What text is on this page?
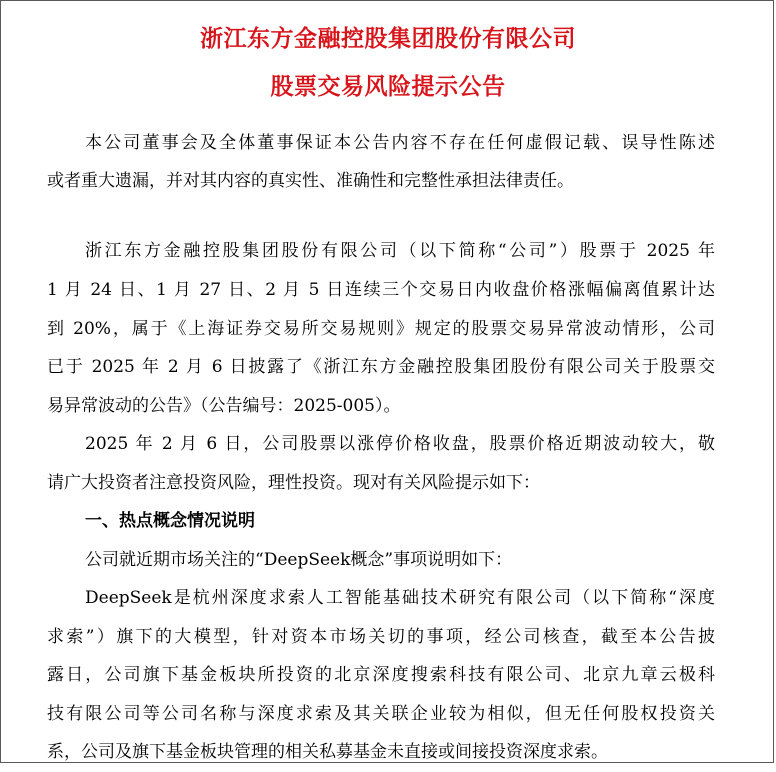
浙江东方金融控股集团股份有限公司
股票交易风险提示公告

本公司董事会及全体董事保证本公告内容不存在任何虚假记载、误导性陈述

或者重大遗漏，并对其内容的真实性、准确性和完整性承担法律责任。

浙江东方金融控股集团股份有限公司（以下简称“公司”）股票于 2025 年

1 月 24 日、1 月 27 日、2 月 5 日连续三个交易日内收盘价格涨幅偏离值累计达

到 20%，属于《上海证券交易所交易规则》规定的股票交易异常波动情形，公司

已于 2025 年 2 月 6 日披露了《浙江东方金融控股集团股份有限公司关于股票交

易异常波动的公告》（公告编号：2025-005）。

2025 年 2 月 6 日，公司股票以涨停价格收盘，股票价格近期波动较大，敬

请广大投资者注意投资风险，理性投资。现对有关风险提示如下：

一、热点概念情况说明

公司就近期市场关注的“DeepSeek概念”事项说明如下：

DeepSeek是杭州深度求索人工智能基础技术研究有限公司（以下简称“深度

求索”）旗下的大模型，针对资本市场关切的事项，经公司核查，截至本公告披

露日，公司旗下基金板块所投资的北京深度搜索科技有限公司、北京九章云极科

技有限公司等公司名称与深度求索及其关联企业较为相似，但无任何股权投资关

系，公司及旗下基金板块管理的相关私募基金未直接或间接投资深度求索。
